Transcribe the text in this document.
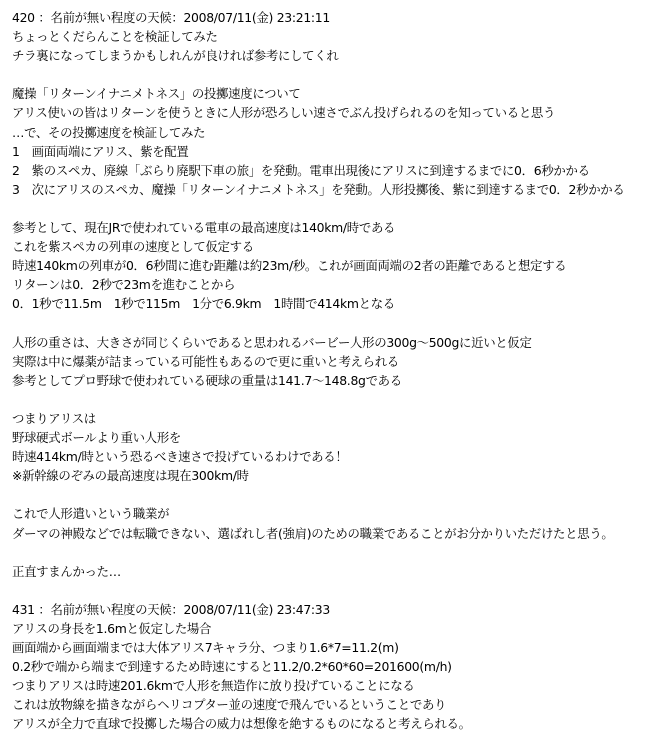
420 ：名前が無い程度の天候：2008/07/11(金) 23:21:11
ちょっとくだらんことを検証してみた
チラ裏になってしまうかもしれんが良ければ参考にしてくれ
魔操「リターンイナニメトネス」の投擲速度について
アリス使いの皆はリターンを使うときに人形が恐ろしい速さでぶん投げられるのを知っていると思う
…で、その投擲速度を検証してみた
1　画面両端にアリス、紫を配置
2　紫のスペカ、廃線「ぶらり廃駅下車の旅」を発動。電車出現後にアリスに到達するまでに0．6秒かかる
3　次にアリスのスペカ、魔操「リターンイナニメトネス」を発動。人形投擲後、紫に到達するまで0．2秒かかる
参考として、現在JRで使われている電車の最高速度は140km/時である
これを紫スペカの列車の速度として仮定する
時速140kmの列車が0．6秒間に進む距離は約23m/秒。これが画面両端の2者の距離であると想定する
リターンは0．2秒で23mを進むことから
0．1秒で11.5m　1秒で115m　1分で6.9km　1時間で414kmとなる
人形の重さは、大きさが同じくらいであると思われるバービー人形の300g～500gに近いと仮定
実際は中に爆薬が詰まっている可能性もあるので更に重いと考えられる
参考としてプロ野球で使われている硬球の重量は141.7～148.8gである
つまりアリスは
野球硬式ボールより重い人形を
時速414km/時という恐るべき速さで投げているわけである！
※新幹線のぞみの最高速度は現在300km/時
これで人形遣いという職業が
ダーマの神殿などでは転職できない、選ばれし者(強肩)のための職業であることがお分かりいただけたと思う。
正直すまんかった…
431 ：名前が無い程度の天候：2008/07/11(金) 23:47:33
アリスの身長を1.6mと仮定した場合
画面端から画面端までは大体アリス7キャラ分、つまり1.6*7=11.2(m)
0.2秒で端から端まで到達するため時速にすると11.2/0.2*60*60=201600(m/h)
つまりアリスは時速201.6kmで人形を無造作に放り投げていることになる
これは放物線を描きながらヘリコプター並の速度で飛んでいるということであり
アリスが全力で直球で投擲した場合の威力は想像を絶するものになると考えられる。
